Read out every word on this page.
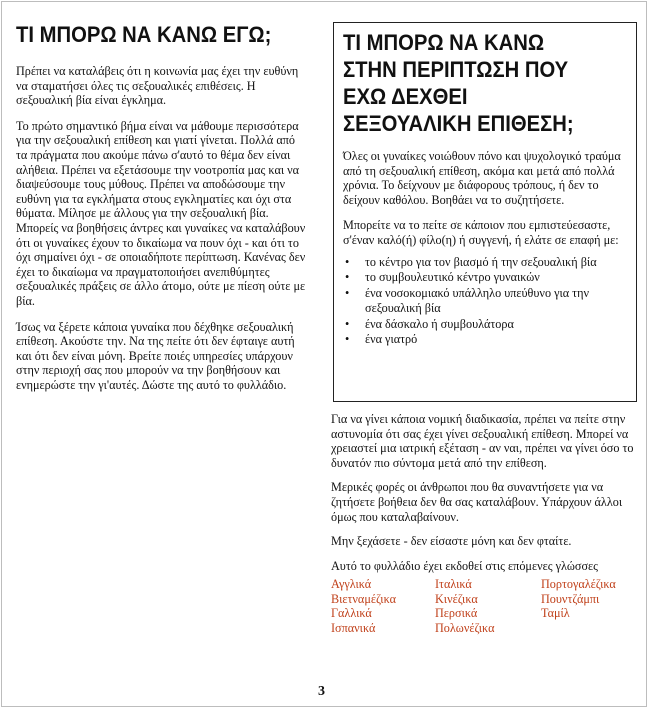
ΤΙ ΜΠΟΡΩ ΝΑ ΚΑΝΩ ΕΓΩ;

Πρέπει να καταλάβεις ότι η κοινωνία μας έχει την ευθύνη να σταματήσει όλες τις σεξουαλικές επιθέσεις. Η σεξουαλική βία είναι έγκλημα.

Το πρώτο σημαντικό βήμα είναι να μάθουμε περισσότερα για την σεξουαλική επίθεση και γιατί γίνεται. Πολλά από τα πράγματα που ακούμε πάνω σ'αυτό το θέμα δεν είναι αλήθεια. Πρέπει να εξετάσουμε την νοοτροπία μας και να διαψεύσουμε τους μύθους. Πρέπει να αποδώσουμε την ευθύνη για τα εγκλήματα στους εγκληματίες και όχι στα θύματα. Μίλησε με άλλους για την σεξουαλική βία. Μπορείς να βοηθήσεις άντρες και γυναίκες να καταλάβουν ότι οι γυναίκες έχουν το δικαίωμα να πουν όχι - και ότι το όχι σημαίνει όχι - σε οποιαδήποτε περίπτωση. Κανένας δεν έχει το δικαίωμα να πραγματοποιήσει ανεπιθύμητες σεξουαλικές πράξεις σε άλλο άτομο, ούτε με πίεση ούτε με βία.

Ίσως να ξέρετε κάποια γυναίκα που δέχθηκε σεξουαλική επίθεση. Ακούστε την. Να της πείτε ότι δεν έφταιγε αυτή και ότι δεν είναι μόνη. Βρείτε ποιές υπηρεσίες υπάρχουν στην περιοχή σας που μπορούν να την βοηθήσουν και ενημερώστε την γι'αυτές. Δώστε της αυτό το φυλλάδιο.

ΤΙ ΜΠΟΡΩ ΝΑ ΚΑΝΩ
ΣΤΗΝ ΠΕΡΙΠΤΩΣΗ ΠΟΥ
ΕΧΩ ΔΕΧΘΕΙ
ΣΕΞΟΥΑΛΙΚΗ ΕΠΙΘΕΣΗ;

Όλες οι γυναίκες νοιώθουν πόνο και ψυχολογικό τραύμα από τη σεξουαλική επίθεση, ακόμα και μετά από πολλά χρόνια. Το δείχνουν με διάφορους τρόπους, ή δεν το δείχουν καθόλου. Βοηθάει να το συζητήσετε.

Μπορείτε να το πείτε σε κάποιον που εμπιστεύεσαστε, σ'έναν καλό(ή) φίλο(η) ή συγγενή, ή ελάτε σε επαφή με:

• το κέντρο για τον βιασμό ή την σεξουαλική βία
• το συμβουλευτικό κέντρο γυναικών
• ένα νοσοκομιακό υπάλληλο υπεύθυνο για την σεξουαλική βία
• ένα δάσκαλο ή συμβουλάτορα
• ένα γιατρό

Για να γίνει κάποια νομική διαδικασία, πρέπει να πείτε στην αστυνομία ότι σας έχει γίνει σεξουαλική επίθεση. Μπορεί να χρειαστεί μια ιατρική εξέταση - αν ναι, πρέπει να γίνει όσο το δυνατόν πιο σύντομα μετά από την επίθεση.

Μερικές φορές οι άνθρωποι που θα συναντήσετε για να ζητήσετε βοήθεια δεν θα σας καταλάβουν. Υπάρχουν άλλοι όμως που καταλαβαίνουν.

Μην ξεχάσετε - δεν είσαστε μόνη και δεν φταίτε.

Αυτό το φυλλάδιο έχει εκδοθεί στις επόμενες γλώσσες

Αγγλικά	Ιταλικά	Πορτογαλέζικα
Βιετναμέζικα	Κινέζικα	Πουντζάμπι
Γαλλικά	Περσικά	Ταμίλ
Ισπανικά	Πολωνέζικα
3
